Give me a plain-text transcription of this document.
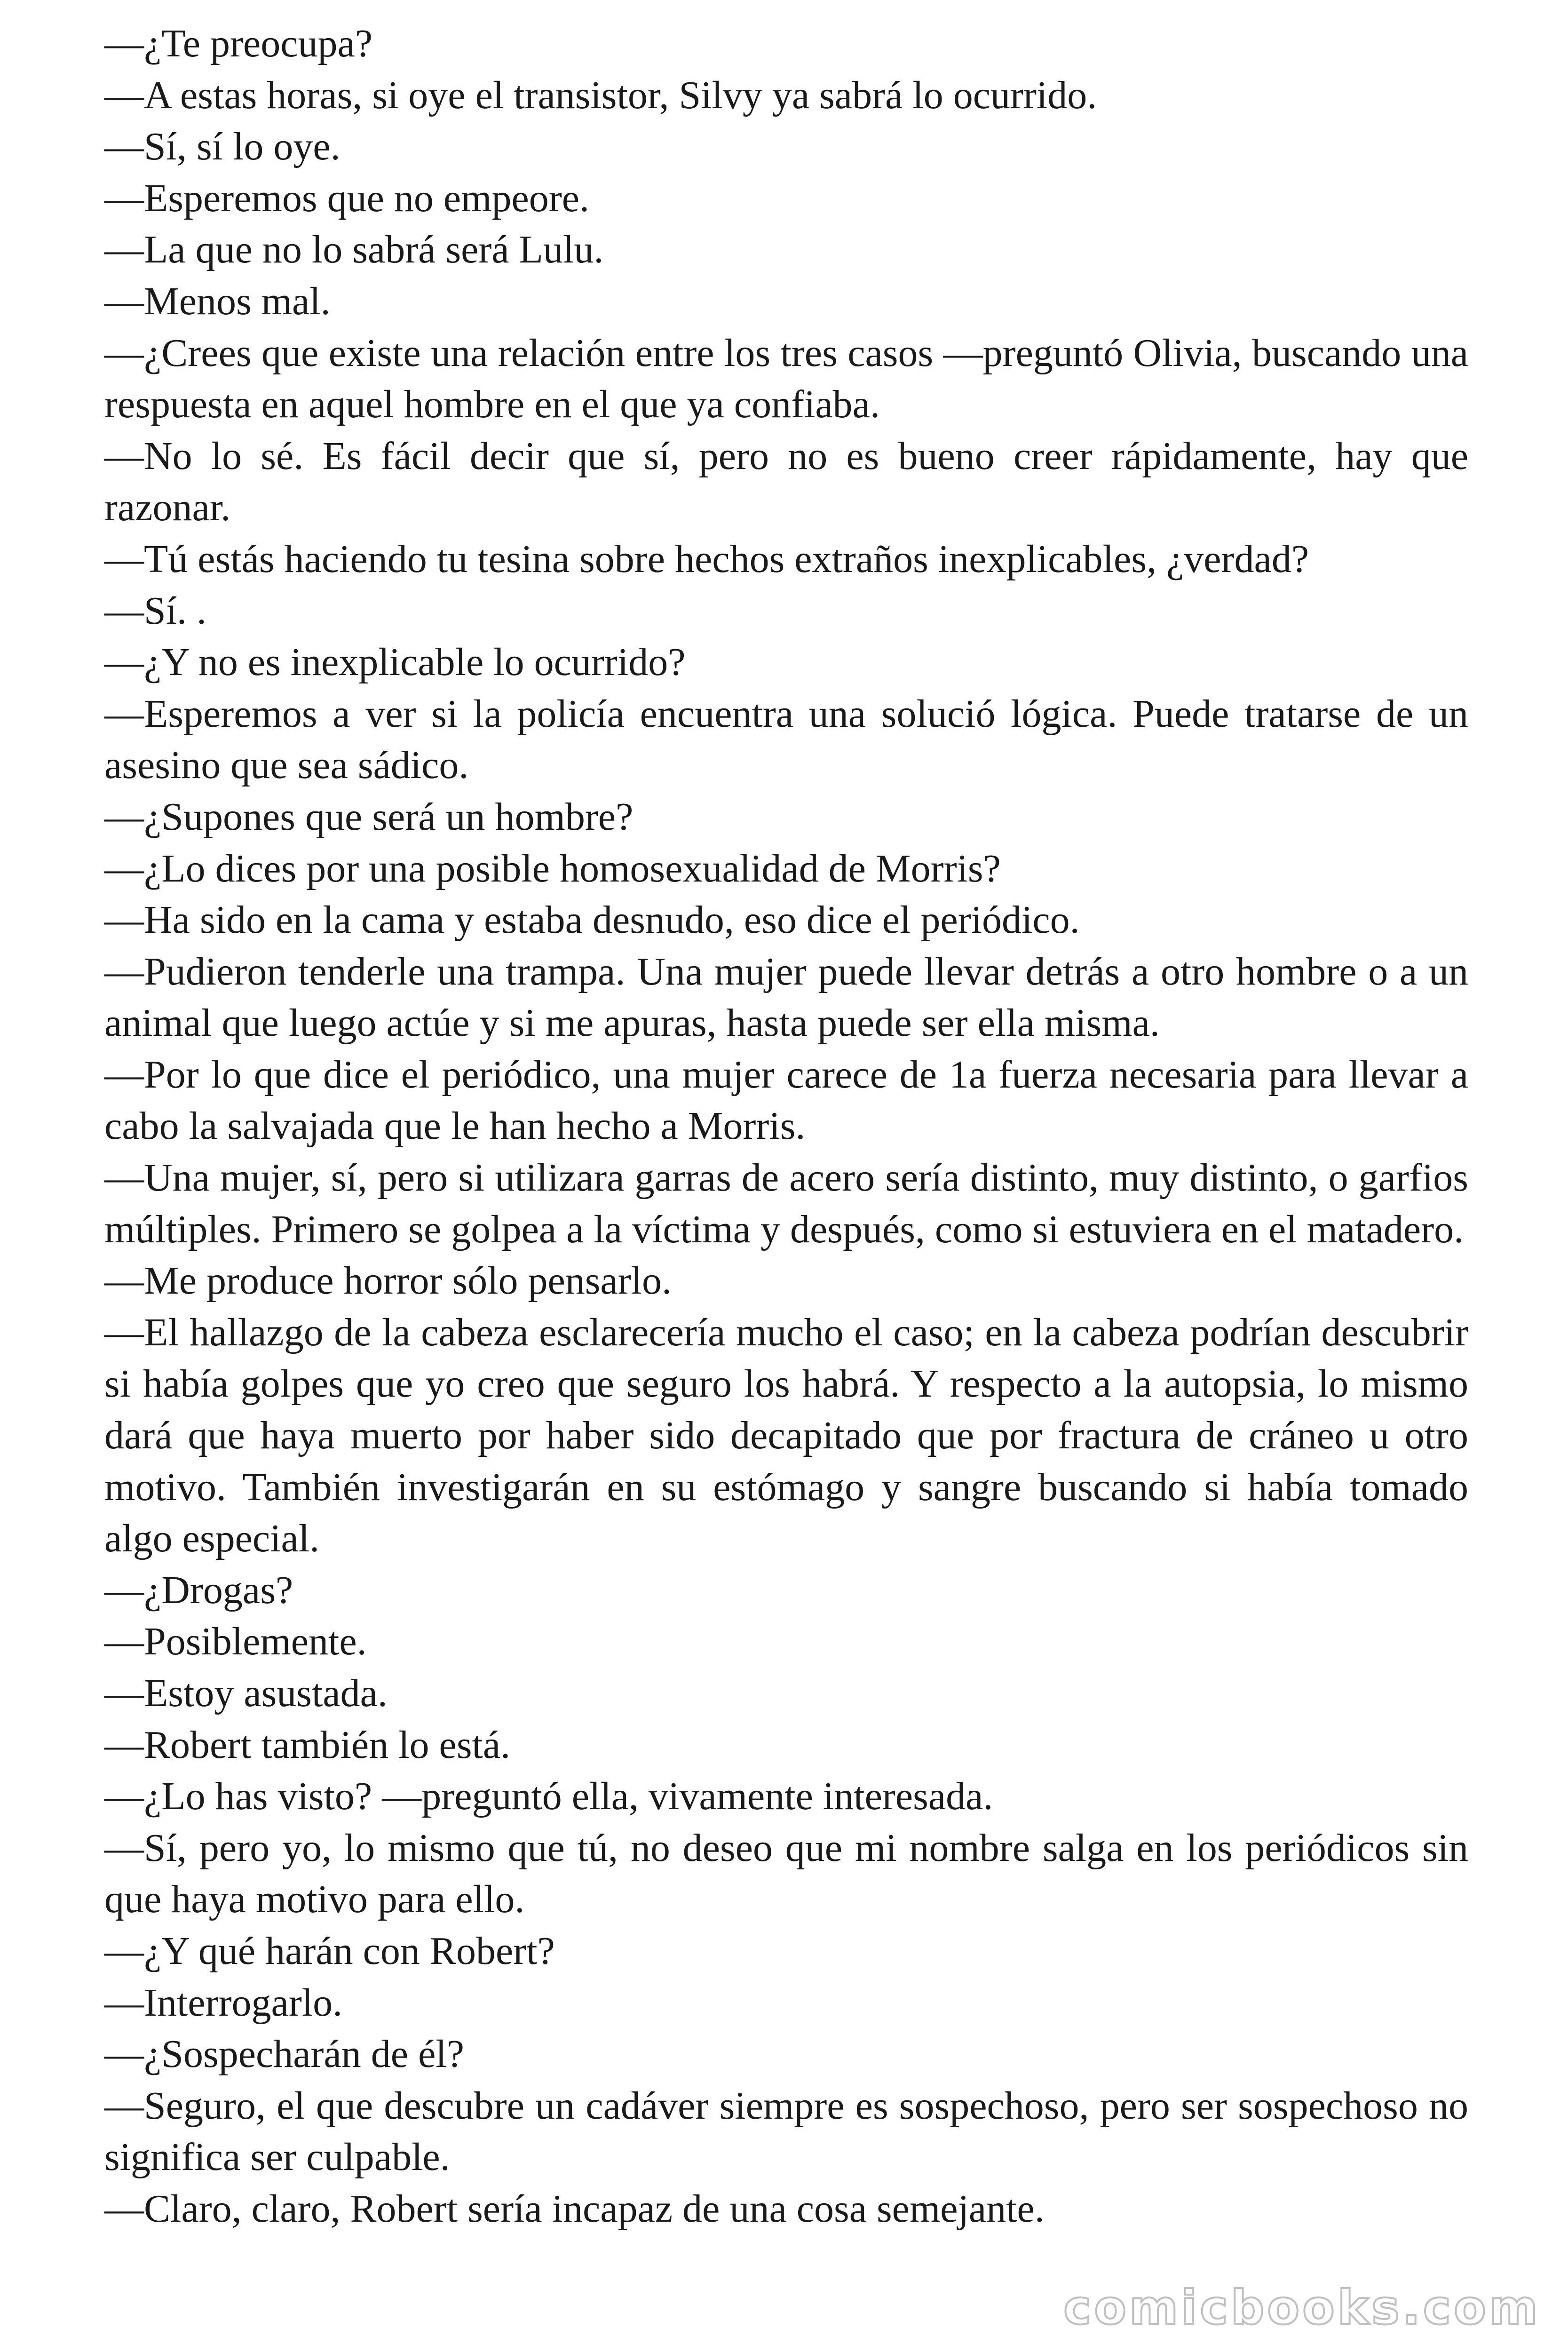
—¿Te preocupa?

—A estas horas, si oye el transistor, Silvy ya sabrá lo ocurrido.

—Sí, sí lo oye.

—Esperemos que no empeore.

—La que no lo sabrá será Lulu.

—Menos mal.

—¿Crees que existe una relación entre los tres casos —preguntó Olivia, buscando una respuesta en aquel hombre en el que ya confiaba.

—No lo sé. Es fácil decir que sí, pero no es bueno creer rápidamente, hay que razonar.

—Tú estás haciendo tu tesina sobre hechos extraños inexplicables, ¿verdad?

—Sí. .

—¿Y no es inexplicable lo ocurrido?

—Esperemos a ver si la policía encuentra una solució lógica. Puede tratarse de un asesino que sea sádico.

—¿Supones que será un hombre?

—¿Lo dices por una posible homosexualidad de Morris?

—Ha sido en la cama y estaba desnudo, eso dice el periódico.

—Pudieron tenderle una trampa. Una mujer puede llevar detrás a otro hombre o a un animal que luego actúe y si me apuras, hasta puede ser ella misma.

—Por lo que dice el periódico, una mujer carece de 1a fuerza necesaria para llevar a cabo la salvajada que le han hecho a Morris.

—Una mujer, sí, pero si utilizara garras de acero sería distinto, muy distinto, o garfios múltiples. Primero se golpea a la víctima y después, como si estuviera en el matadero.

—Me produce horror sólo pensarlo.

—El hallazgo de la cabeza esclarecería mucho el caso; en la cabeza podrían descubrir si había golpes que yo creo que seguro los habrá. Y respecto a la autopsia, lo mismo dará que haya muerto por haber sido decapitado que por fractura de cráneo u otro motivo. También investigarán en su estómago y sangre buscando si había tomado algo especial.

—¿Drogas?

—Posiblemente.

—Estoy asustada.

—Robert también lo está.

—¿Lo has visto? —preguntó ella, vivamente interesada.

—Sí, pero yo, lo mismo que tú, no deseo que mi nombre salga en los periódicos sin que haya motivo para ello.

—¿Y qué harán con Robert?

—Interrogarlo.

—¿Sospecharán de él?

—Seguro, el que descubre un cadáver siempre es sospechoso, pero ser sospechoso no significa ser culpable.

—Claro, claro, Robert sería incapaz de una cosa semejante.

comicbooks.com
